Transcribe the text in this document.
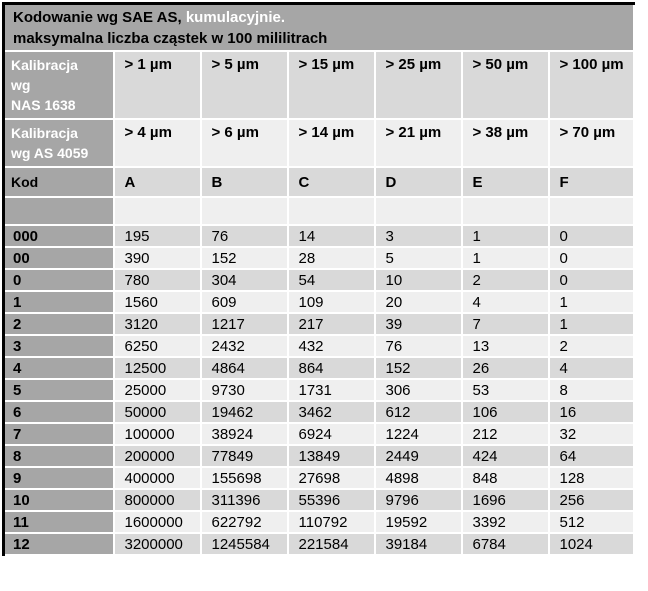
Kodowanie wg SAE AS, kumulacyjnie.
maksymalna liczba cząstek w 100 mililitrach						

Kalibracja
wg
NAS 1638	> 1 µm	> 5 µm	> 15 µm	> 25 µm	> 50 µm	> 100 µm

Kalibracja
wg AS 4059	> 4 µm	> 6 µm	> 14 µm	> 21 µm	> 38 µm	> 70 µm
Kod	A	B	C	D	E	F

000	195	76	14	3	1	0
00	390	152	28	5	1	0
0	780	304	54	10	2	0
1	1560	609	109	20	4	1
2	3120	1217	217	39	7	1
3	6250	2432	432	76	13	2
4	12500	4864	864	152	26	4
5	25000	9730	1731	306	53	8
6	50000	19462	3462	612	106	16
7	100000	38924	6924	1224	212	32
8	200000	77849	13849	2449	424	64
9	400000	155698	27698	4898	848	128
10	800000	311396	55396	9796	1696	256
11	1600000	622792	110792	19592	3392	512
12	3200000	1245584	221584	39184	6784	1024
